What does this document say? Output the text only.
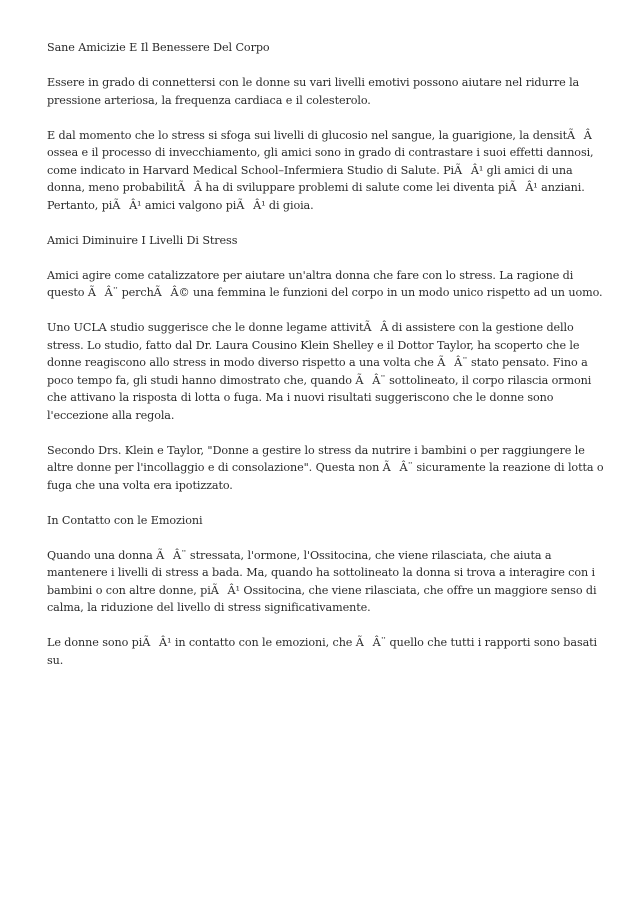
Sane Amicizie E Il Benessere Del Corpo

Essere in grado di connettersi con le donne su vari livelli emotivi possono aiutare nel ridurre la pressione arteriosa, la frequenza cardiaca e il colesterolo.

E dal momento che lo stress si sfoga sui livelli di glucosio nel sangue, la guarigione, la densitÃÂ ossea e il processo di invecchiamento, gli amici sono in grado di contrastare i suoi effetti dannosi, come indicato in Harvard Medical School–Infermiera Studio di Salute. PiÃÂ¹ gli amici di una donna, meno probabilitÃÂ ha di sviluppare problemi di salute come lei diventa piÃÂ¹ anziani. Pertanto, piÃÂ¹ amici valgono piÃÂ¹ di gioia.

Amici Diminuire I Livelli Di Stress

Amici agire come catalizzatore per aiutare un'altra donna che fare con lo stress. La ragione di questo ÃÂ¨ perchÃÂ© una femmina le funzioni del corpo in un modo unico rispetto ad un uomo.

Uno UCLA studio suggerisce che le donne legame attivitÃÂ di assistere con la gestione dello stress. Lo studio, fatto dal Dr. Laura Cousino Klein Shelley e il Dottor Taylor, ha scoperto che le donne reagiscono allo stress in modo diverso rispetto a una volta che ÃÂ¨ stato pensato. Fino a poco tempo fa, gli studi hanno dimostrato che, quando ÃÂ¨ sottolineato, il corpo rilascia ormoni che attivano la risposta di lotta o fuga. Ma i nuovi risultati suggeriscono che le donne sono l'eccezione alla regola.

Secondo Drs. Klein e Taylor, "Donne a gestire lo stress da nutrire i bambini o per raggiungere le altre donne per l'incollaggio e di consolazione". Questa non ÃÂ¨ sicuramente la reazione di lotta o fuga che una volta era ipotizzato.

In Contatto con le Emozioni

Quando una donna ÃÂ¨ stressata, l'ormone, l'Ossitocina, che viene rilasciata, che aiuta a mantenere i livelli di stress a bada. Ma, quando ha sottolineato la donna si trova a interagire con i bambini o con altre donne, piÃÂ¹ Ossitocina, che viene rilasciata, che offre un maggiore senso di calma, la riduzione del livello di stress significativamente.

Le donne sono piÃÂ¹ in contatto con le emozioni, che ÃÂ¨ quello che tutti i rapporti sono basati su.
